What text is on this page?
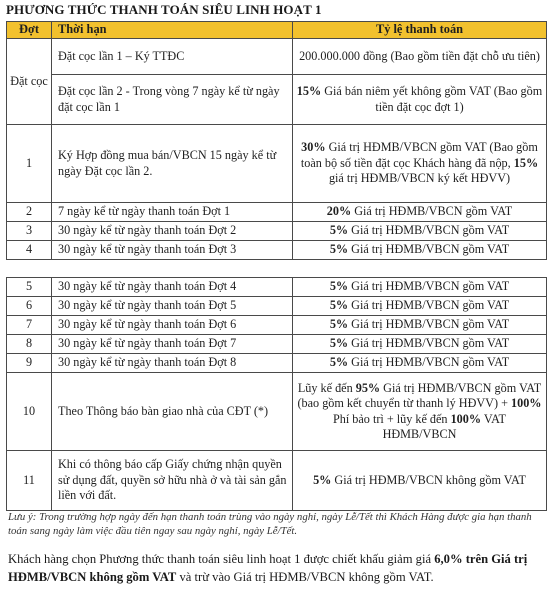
PHƯƠNG THỨC THANH TOÁN SIÊU LINH HOẠT 1
Đợt	Thời hạn	Tỷ lệ thanh toán
Đặt cọc	Đặt cọc lần 1 – Ký TTĐC	200.000.000 đồng (Bao gồm tiền đặt chỗ ưu tiên)
	Đặt cọc lần 2 - Trong vòng 7 ngày kể từ ngày đặt cọc lần 1	15% Giá bán niêm yết không gồm VAT (Bao gồm tiền đặt cọc đợt 1)
1	Ký Hợp đồng mua bán/VBCN 15 ngày kể từ ngày Đặt cọc lần 2.	30% Giá trị HĐMB/VBCN gồm VAT (Bao gồm toàn bộ số tiền đặt cọc Khách hàng đã nộp, 15% giá trị HĐMB/VBCN ký kết HĐVV)
2	7 ngày kể từ ngày thanh toán Đợt 1	20% Giá trị HĐMB/VBCN gồm VAT
3	30 ngày kể từ ngày thanh toán Đợt 2	5% Giá trị HĐMB/VBCN gồm VAT
4	30 ngày kể từ ngày thanh toán Đợt 3	5% Giá trị HĐMB/VBCN gồm VAT
5	30 ngày kể từ ngày thanh toán Đợt 4	5% Giá trị HĐMB/VBCN gồm VAT
6	30 ngày kể từ ngày thanh toán Đợt 5	5% Giá trị HĐMB/VBCN gồm VAT
7	30 ngày kể từ ngày thanh toán Đợt 6	5% Giá trị HĐMB/VBCN gồm VAT
8	30 ngày kể từ ngày thanh toán Đợt 7	5% Giá trị HĐMB/VBCN gồm VAT
9	30 ngày kể từ ngày thanh toán Đợt 8	5% Giá trị HĐMB/VBCN gồm VAT
10	Theo Thông báo bàn giao nhà của CĐT (*)	Lũy kế đến 95% Giá trị HĐMB/VBCN gồm VAT (bao gồm kết chuyển từ thanh lý HĐVV) + 100% Phí bảo trì + lũy kế đến 100% VAT HĐMB/VBCN
11	Khi có thông báo cấp Giấy chứng nhận quyền sử dụng đất, quyền sở hữu nhà ở và tài sản gắn liền với đất.	5% Giá trị HĐMB/VBCN không gồm VAT
Lưu ý: Trong trường hợp ngày đến hạn thanh toán trùng vào ngày nghỉ, ngày Lễ/Tết thì Khách Hàng được gia hạn thanh toán sang ngày làm việc đầu tiên ngay sau ngày nghỉ, ngày Lễ/Tết.
Khách hàng chọn Phương thức thanh toán siêu linh hoạt 1 được chiết khấu giảm giá 6,0% trên Giá trị HĐMB/VBCN không gồm VAT và trừ vào Giá trị HĐMB/VBCN không gồm VAT.
